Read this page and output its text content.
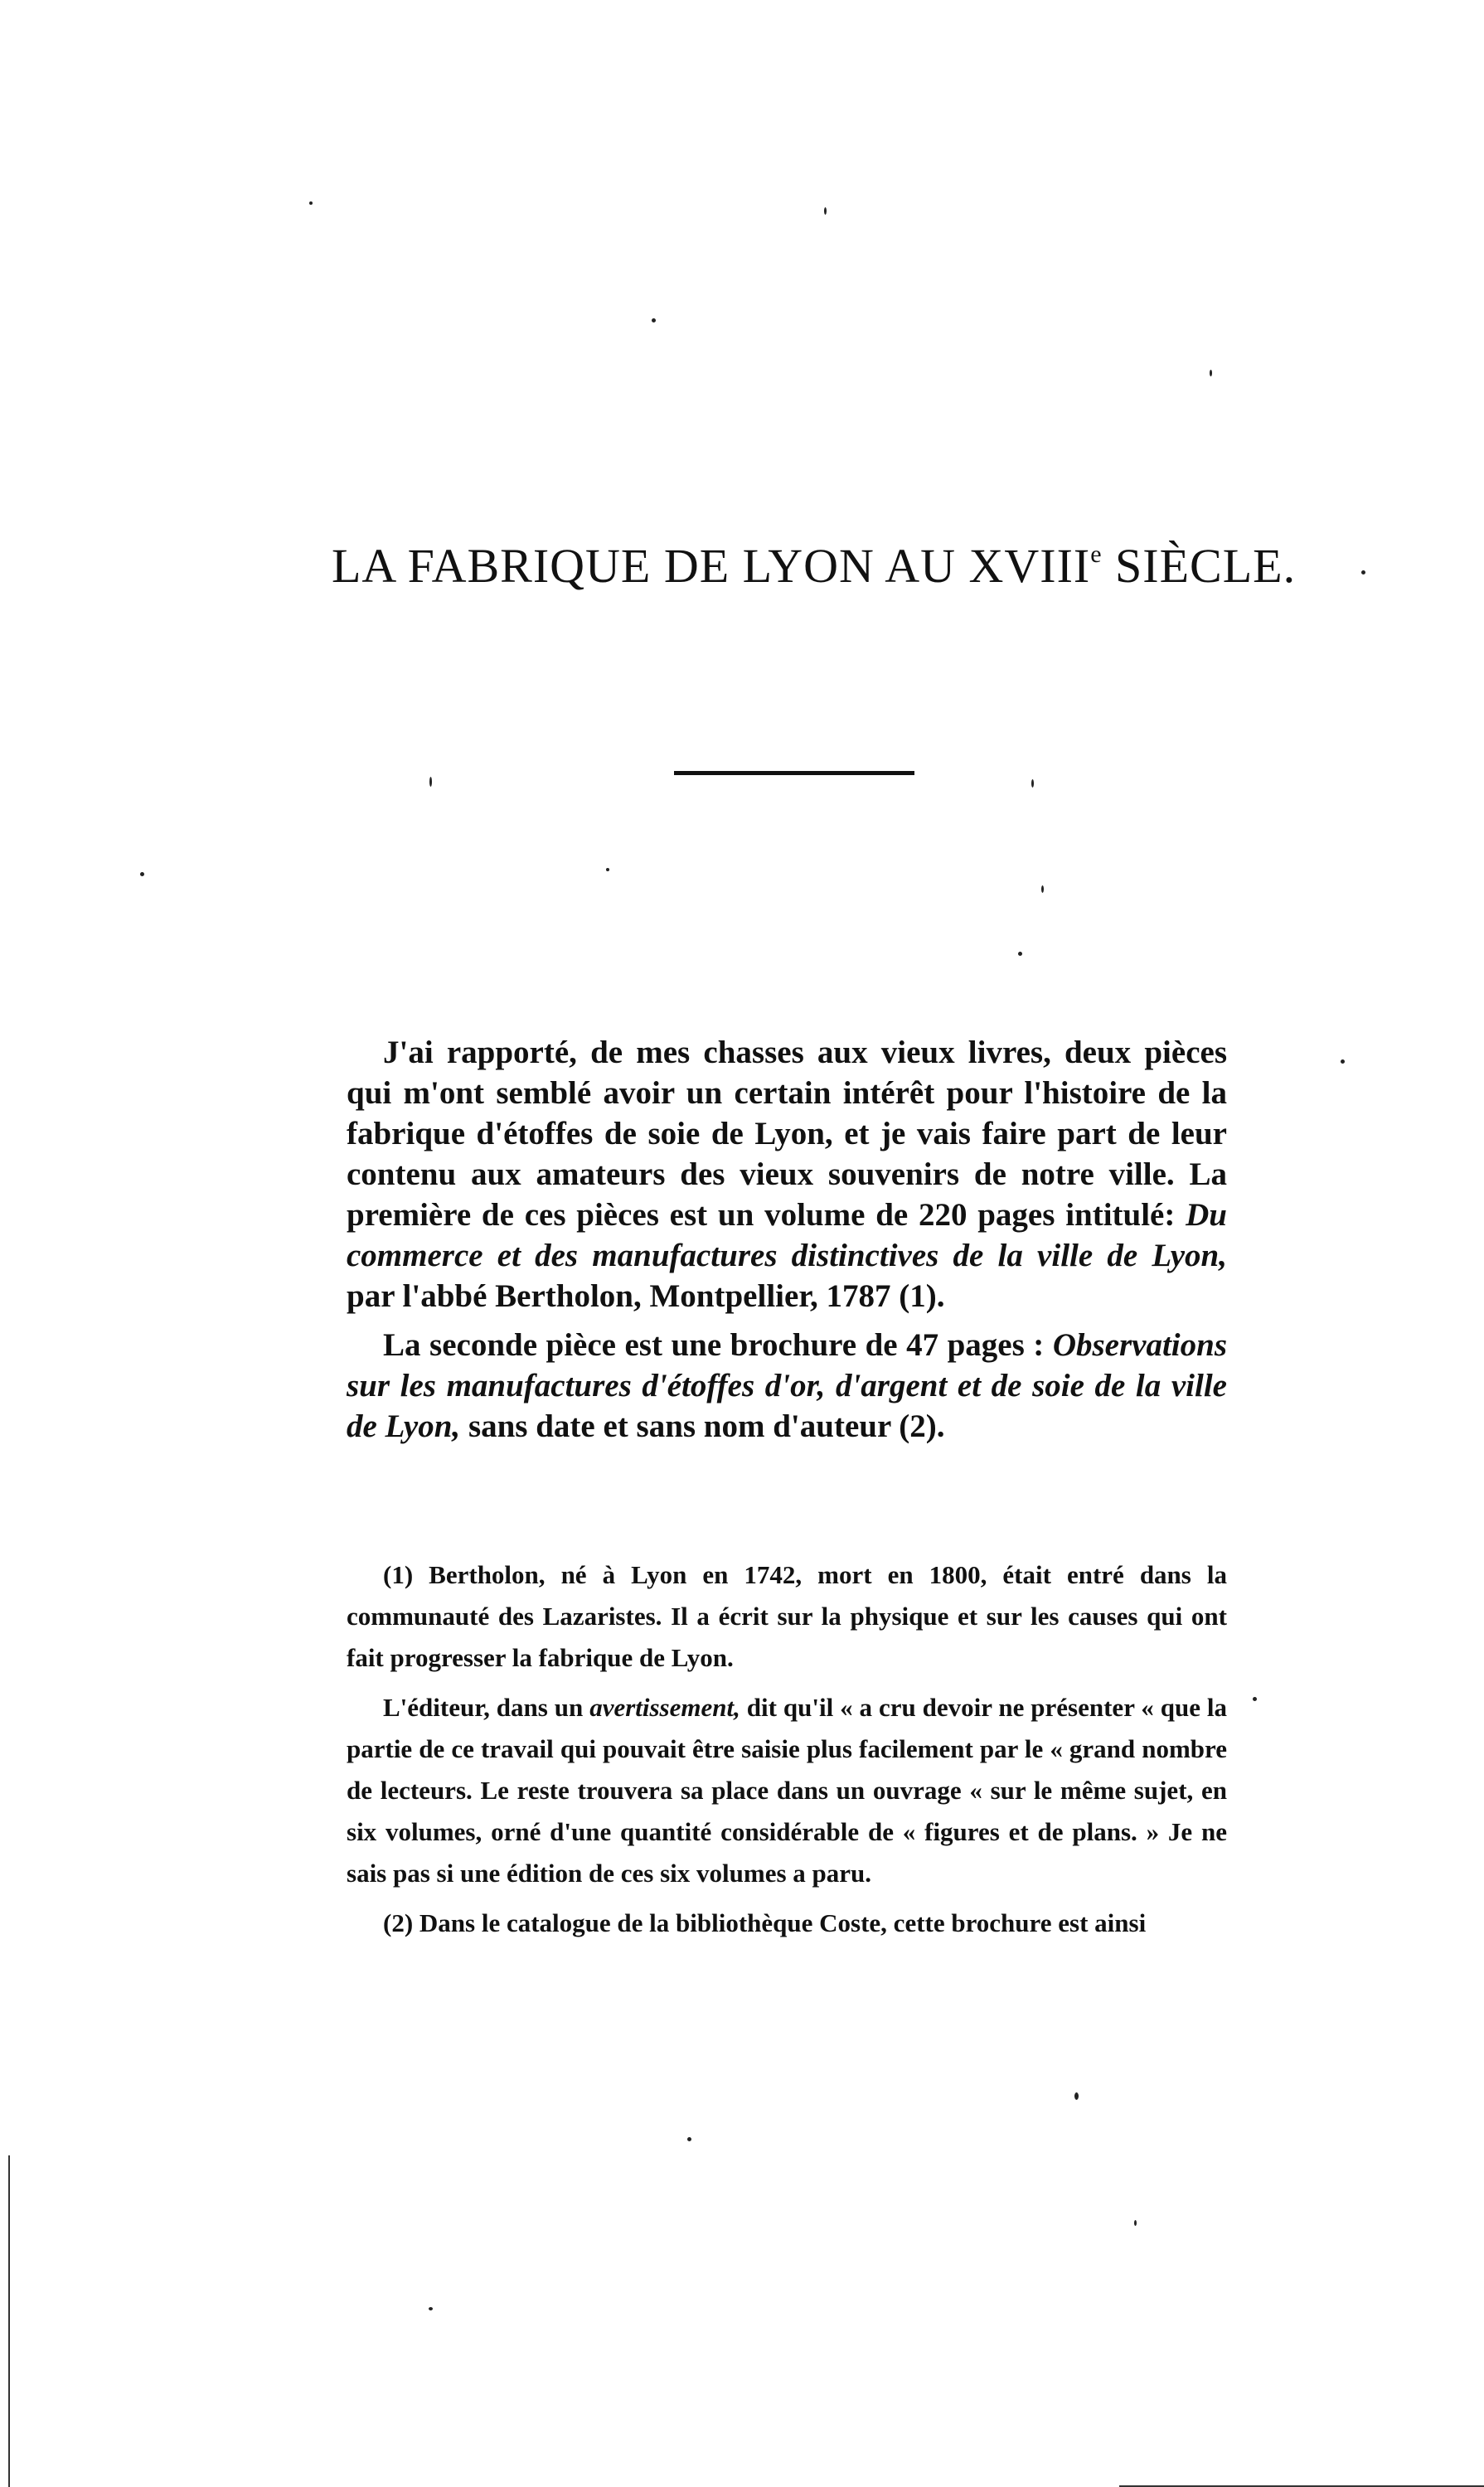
LA FABRIQUE DE LYON AU XVIIIe SIÈCLE.

J'ai rapporté, de mes chasses aux vieux livres, deux pièces qui m'ont semblé avoir un certain intérêt pour l'histoire de la fabrique d'étoffes de soie de Lyon, et je vais faire part de leur contenu aux amateurs des vieux souvenirs de notre ville. La première de ces pièces est un volume de 220 pages intitulé: Du commerce et des manufactures distinctives de la ville de Lyon, par l'abbé Bertholon, Montpellier, 1787 (1).

La seconde pièce est une brochure de 47 pages : Observations sur les manufactures d'étoffes d'or, d'argent et de soie de la ville de Lyon, sans date et sans nom d'auteur (2).

(1) Bertholon, né à Lyon en 1742, mort en 1800, était entré dans la communauté des Lazaristes. Il a écrit sur la physique et sur les causes qui ont fait progresser la fabrique de Lyon.

L'éditeur, dans un avertissement, dit qu'il « a cru devoir ne présenter « que la partie de ce travail qui pouvait être saisie plus facilement par le « grand nombre de lecteurs. Le reste trouvera sa place dans un ouvrage « sur le même sujet, en six volumes, orné d'une quantité considérable de « figures et de plans. » Je ne sais pas si une édition de ces six volumes a paru.

(2) Dans le catalogue de la bibliothèque Coste, cette brochure est ainsi
